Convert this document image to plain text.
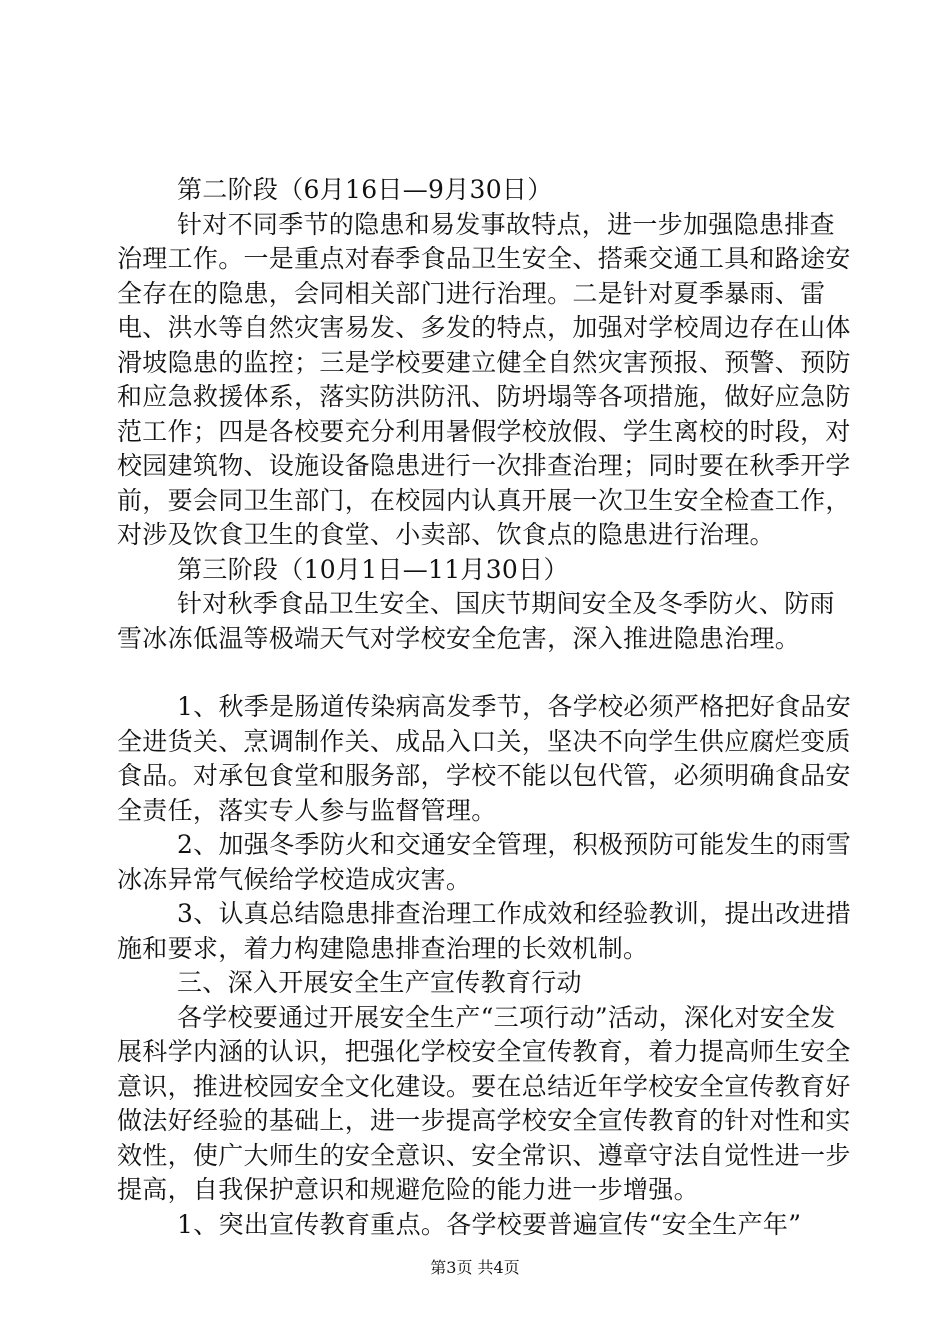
第二阶段（6月16日—9月30日）

针对不同季节的隐患和易发事故特点，进一步加强隐患排查治理工作。一是重点对春季食品卫生安全、搭乘交通工具和路途安全存在的隐患，会同相关部门进行治理。二是针对夏季暴雨、雷电、洪水等自然灾害易发、多发的特点，加强对学校周边存在山体滑坡隐患的监控；三是学校要建立健全自然灾害预报、预警、预防和应急救援体系，落实防洪防汛、防坍塌等各项措施，做好应急防范工作；四是各校要充分利用暑假学校放假、学生离校的时段，对校园建筑物、设施设备隐患进行一次排查治理；同时要在秋季开学前，要会同卫生部门，在校园内认真开展一次卫生安全检查工作，对涉及饮食卫生的食堂、小卖部、饮食点的隐患进行治理。

第三阶段（10月1日—11月30日）

针对秋季食品卫生安全、国庆节期间安全及冬季防火、防雨雪冰冻低温等极端天气对学校安全危害，深入推进隐患治理。

1、秋季是肠道传染病高发季节，各学校必须严格把好食品安全进货关、烹调制作关、成品入口关，坚决不向学生供应腐烂变质食品。对承包食堂和服务部，学校不能以包代管，必须明确食品安全责任，落实专人参与监督管理。

2、加强冬季防火和交通安全管理，积极预防可能发生的雨雪冰冻异常气候给学校造成灾害。

3、认真总结隐患排查治理工作成效和经验教训，提出改进措施和要求，着力构建隐患排查治理的长效机制。

三、深入开展安全生产宣传教育行动

各学校要通过开展安全生产“三项行动”活动，深化对安全发展科学内涵的认识，把强化学校安全宣传教育，着力提高师生安全意识，推进校园安全文化建设。要在总结近年学校安全宣传教育好做法好经验的基础上，进一步提高学校安全宣传教育的针对性和实效性，使广大师生的安全意识、安全常识、遵章守法自觉性进一步提高，自我保护意识和规避危险的能力进一步增强。

1、突出宣传教育重点。各学校要普遍宣传“安全生产年”

第3页 共4页
